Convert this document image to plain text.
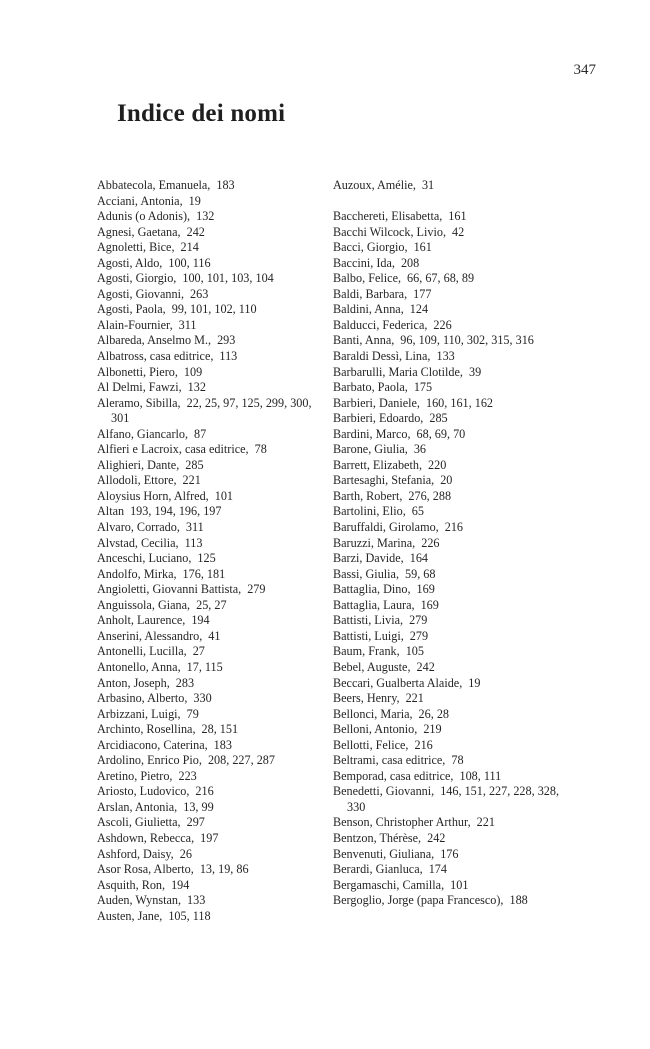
347
Indice dei nomi

Abbatecola, Emanuela, 183

Acciani, Antonia, 19

Adunis (o Adonis), 132

Agnesi, Gaetana, 242

Agnoletti, Bice, 214

Agosti, Aldo, 100, 116

Agosti, Giorgio, 100, 101, 103, 104

Agosti, Giovanni, 263

Agosti, Paola, 99, 101, 102, 110

Alain-Fournier, 311

Albareda, Anselmo M., 293

Albatross, casa editrice, 113

Albonetti, Piero, 109

Al Delmi, Fawzi, 132

Aleramo, Sibilla, 22, 25, 97, 125, 299, 300, 301

Alfano, Giancarlo, 87

Alfieri e Lacroix, casa editrice, 78

Alighieri, Dante, 285

Allodoli, Ettore, 221

Aloysius Horn, Alfred, 101

Altan 193, 194, 196, 197

Alvaro, Corrado, 311

Alvstad, Cecilia, 113

Anceschi, Luciano, 125

Andolfo, Mirka, 176, 181

Angioletti, Giovanni Battista, 279

Anguissola, Giana, 25, 27

Anholt, Laurence, 194

Anserini, Alessandro, 41

Antonelli, Lucilla, 27

Antonello, Anna, 17, 115

Anton, Joseph, 283

Arbasino, Alberto, 330

Arbizzani, Luigi, 79

Archinto, Rosellina, 28, 151

Arcidiacono, Caterina, 183

Ardolino, Enrico Pio, 208, 227, 287

Aretino, Pietro, 223

Ariosto, Ludovico, 216

Arslan, Antonia, 13, 99

Ascoli, Giulietta, 297

Ashdown, Rebecca, 197

Ashford, Daisy, 26

Asor Rosa, Alberto, 13, 19, 86

Asquith, Ron, 194

Auden, Wynstan, 133

Austen, Jane, 105, 118

Auzoux, Amélie, 31

Bacchereti, Elisabetta, 161

Bacchi Wilcock, Livio, 42

Bacci, Giorgio, 161

Baccini, Ida, 208

Balbo, Felice, 66, 67, 68, 89

Baldi, Barbara, 177

Baldini, Anna, 124

Balducci, Federica, 226

Banti, Anna, 96, 109, 110, 302, 315, 316

Baraldi Dessì, Lina, 133

Barbarulli, Maria Clotilde, 39

Barbato, Paola, 175

Barbieri, Daniele, 160, 161, 162

Barbieri, Edoardo, 285

Bardini, Marco, 68, 69, 70

Barone, Giulia, 36

Barrett, Elizabeth, 220

Bartesaghi, Stefania, 20

Barth, Robert, 276, 288

Bartolini, Elio, 65

Baruffaldi, Girolamo, 216

Baruzzi, Marina, 226

Barzi, Davide, 164

Bassi, Giulia, 59, 68

Battaglia, Dino, 169

Battaglia, Laura, 169

Battisti, Livia, 279

Battisti, Luigi, 279

Baum, Frank, 105

Bebel, Auguste, 242

Beccari, Gualberta Alaide, 19

Beers, Henry, 221

Bellonci, Maria, 26, 28

Belloni, Antonio, 219

Bellotti, Felice, 216

Beltrami, casa editrice, 78

Bemporad, casa editrice, 108, 111

Benedetti, Giovanni, 146, 151, 227, 228, 328, 330

Benson, Christopher Arthur, 221

Bentzon, Thérèse, 242

Benvenuti, Giuliana, 176

Berardi, Gianluca, 174

Bergamaschi, Camilla, 101

Bergoglio, Jorge (papa Francesco), 188
